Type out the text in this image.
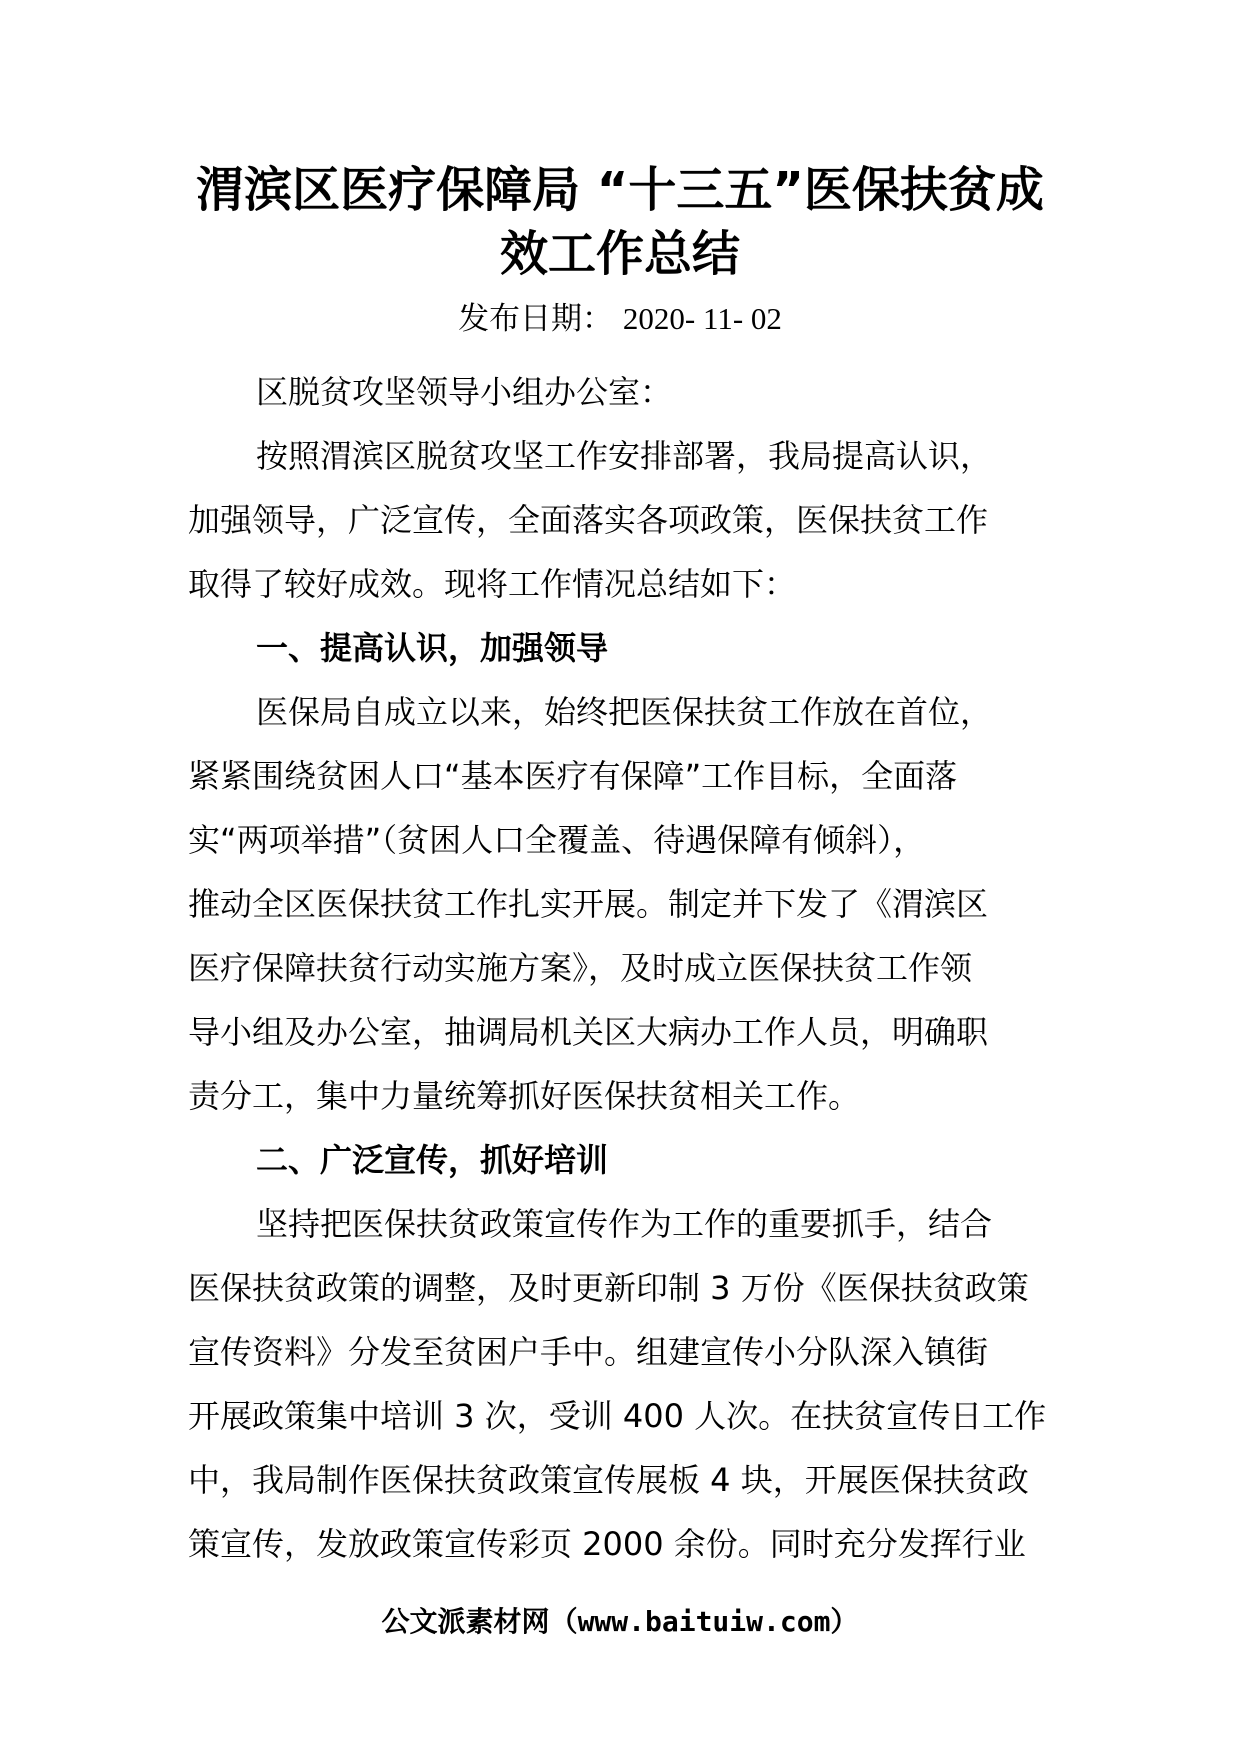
渭滨区医疗保障局 “十三五”医保扶贫成
效工作总结

发布日期： 2020- 11- 02

区脱贫攻坚领导小组办公室：
按照渭滨区脱贫攻坚工作安排部署，我局提高认识，
加强领导，广泛宣传，全面落实各项政策，医保扶贫工作
取得了较好成效。现将工作情况总结如下：
一、提高认识，加强领导
医保局自成立以来，始终把医保扶贫工作放在首位，
紧紧围绕贫困人口“基本医疗有保障”工作目标，全面落
实“两项举措”（贫困人口全覆盖、待遇保障有倾斜），
推动全区医保扶贫工作扎实开展。制定并下发了《渭滨区
医疗保障扶贫行动实施方案》，及时成立医保扶贫工作领
导小组及办公室，抽调局机关区大病办工作人员，明确职
责分工，集中力量统筹抓好医保扶贫相关工作。
二、广泛宣传，抓好培训
坚持把医保扶贫政策宣传作为工作的重要抓手，结合
医保扶贫政策的调整，及时更新印制 3 万份《医保扶贫政策
宣传资料》分发至贫困户手中。组建宣传小分队深入镇街
开展政策集中培训 3 次，受训 400 人次。在扶贫宣传日工作
中，我局制作医保扶贫政策宣传展板 4 块，开展医保扶贫政
策宣传，发放政策宣传彩页 2000 余份。同时充分发挥行业
公文派素材网（www.baituiw.com）
